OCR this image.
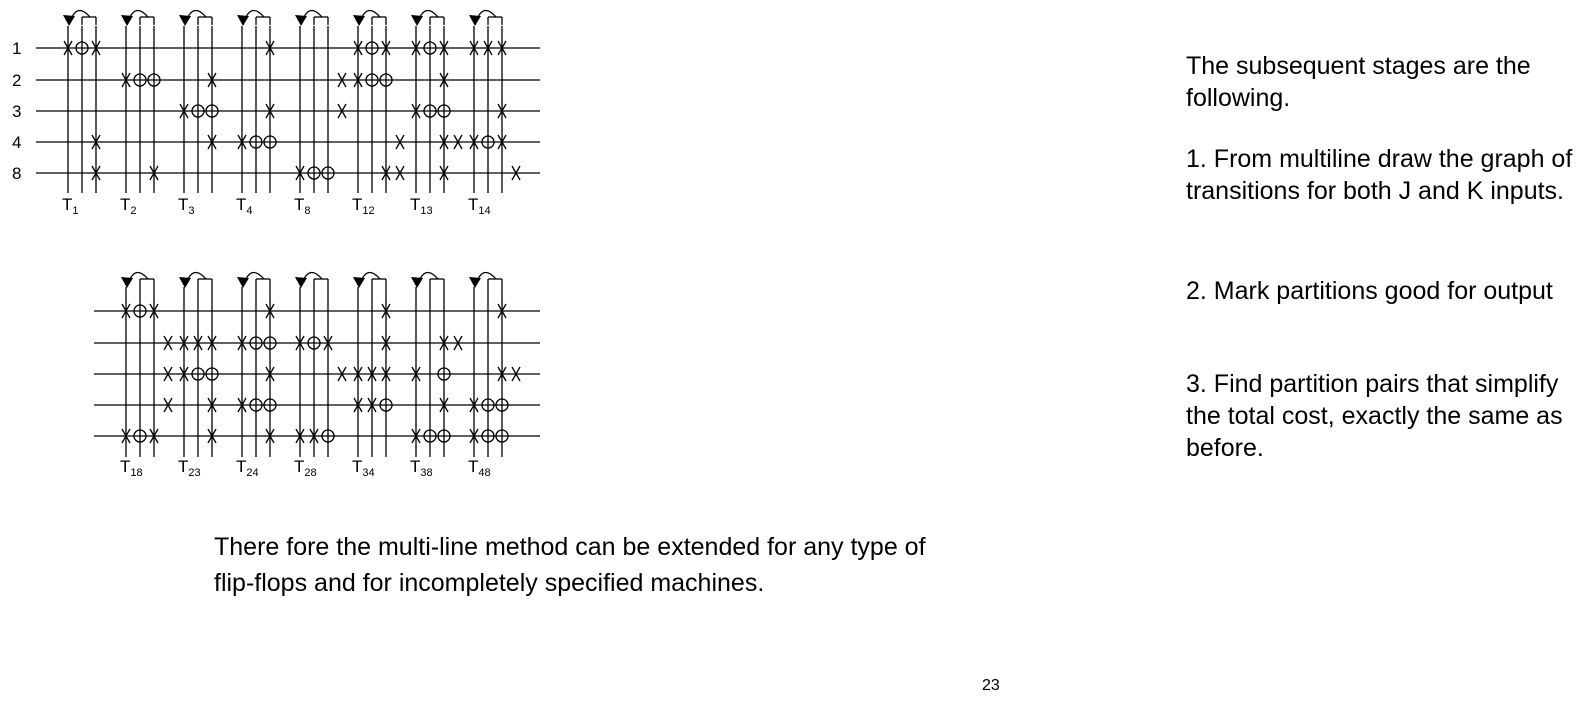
1
2
3
4
8
$T_1$ $T_2$ $T_3$ $T_4$ $T_8$ $T_{12}$ $T_{13}$ $T_{14}$
$T_{18}$ $T_{23}$ $T_{24}$ $T_{28}$ $T_{34}$ $T_{38}$ $T_{48}$

The subsequent stages are the following.

1. From multiline draw the graph of transitions for both J and K inputs.

2. Mark partitions good for output

3. Find partition pairs that simplify the total cost, exactly the same as before.

There fore the multi-line method can be extended for any type of flip-flops and for incompletely specified machines.
23
